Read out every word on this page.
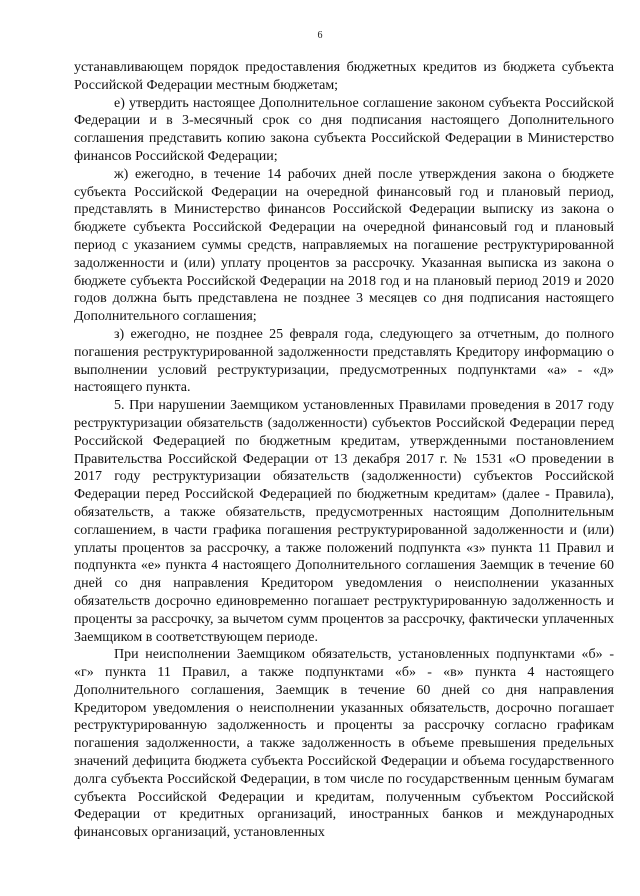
6

устанавливающем порядок предоставления бюджетных кредитов из бюджета субъекта Российской Федерации местным бюджетам;

е) утвердить настоящее Дополнительное соглашение законом субъекта Российской Федерации и в 3-месячный срок со дня подписания настоящего Дополнительного соглашения представить копию закона субъекта Российской Федерации в Министерство финансов Российской Федерации;

ж) ежегодно, в течение 14 рабочих дней после утверждения закона о бюджете субъекта Российской Федерации на очередной финансовый год и плановый период, представлять в Министерство финансов Российской Федерации выписку из закона о бюджете субъекта Российской Федерации на очередной финансовый год и плановый период с указанием суммы средств, направляемых на погашение реструктурированной задолженности и (или) уплату процентов за рассрочку. Указанная выписка из закона о бюджете субъекта Российской Федерации на 2018 год и на плановый период 2019 и 2020 годов должна быть представлена не позднее 3 месяцев со дня подписания настоящего Дополнительного соглашения;

з) ежегодно, не позднее 25 февраля года, следующего за отчетным, до полного погашения реструктурированной задолженности представлять Кредитору информацию о выполнении условий реструктуризации, предусмотренных подпунктами «а» - «д» настоящего пункта.

5. При нарушении Заемщиком установленных Правилами проведения в 2017 году реструктуризации обязательств (задолженности) субъектов Российской Федерации перед Российской Федерацией по бюджетным кредитам, утвержденными постановлением Правительства Российской Федерации от 13 декабря 2017 г. № 1531 «О проведении в 2017 году реструктуризации обязательств (задолженности) субъектов Российской Федерации перед Российской Федерацией по бюджетным кредитам» (далее - Правила), обязательств, а также обязательств, предусмотренных настоящим Дополнительным соглашением, в части графика погашения реструктурированной задолженности и (или) уплаты процентов за рассрочку, а также положений подпункта «з» пункта 11 Правил и подпункта «е» пункта 4 настоящего Дополнительного соглашения Заемщик в течение 60 дней со дня направления Кредитором уведомления о неисполнении указанных обязательств досрочно единовременно погашает реструктурированную задолженность и проценты за рассрочку, за вычетом сумм процентов за рассрочку, фактически уплаченных Заемщиком в соответствующем периоде.

При неисполнении Заемщиком обязательств, установленных подпунктами «б» - «г» пункта 11 Правил, а также подпунктами «б» - «в» пункта 4 настоящего Дополнительного соглашения, Заемщик в течение 60 дней со дня направления Кредитором уведомления о неисполнении указанных обязательств, досрочно погашает реструктурированную задолженность и проценты за рассрочку согласно графикам погашения задолженности, а также задолженность в объеме превышения предельных значений дефицита бюджета субъекта Российской Федерации и объема государственного долга субъекта Российской Федерации, в том числе по государственным ценным бумагам субъекта Российской Федерации и кредитам, полученным субъектом Российской Федерации от кредитных организаций, иностранных банков и международных финансовых организаций, установленных
